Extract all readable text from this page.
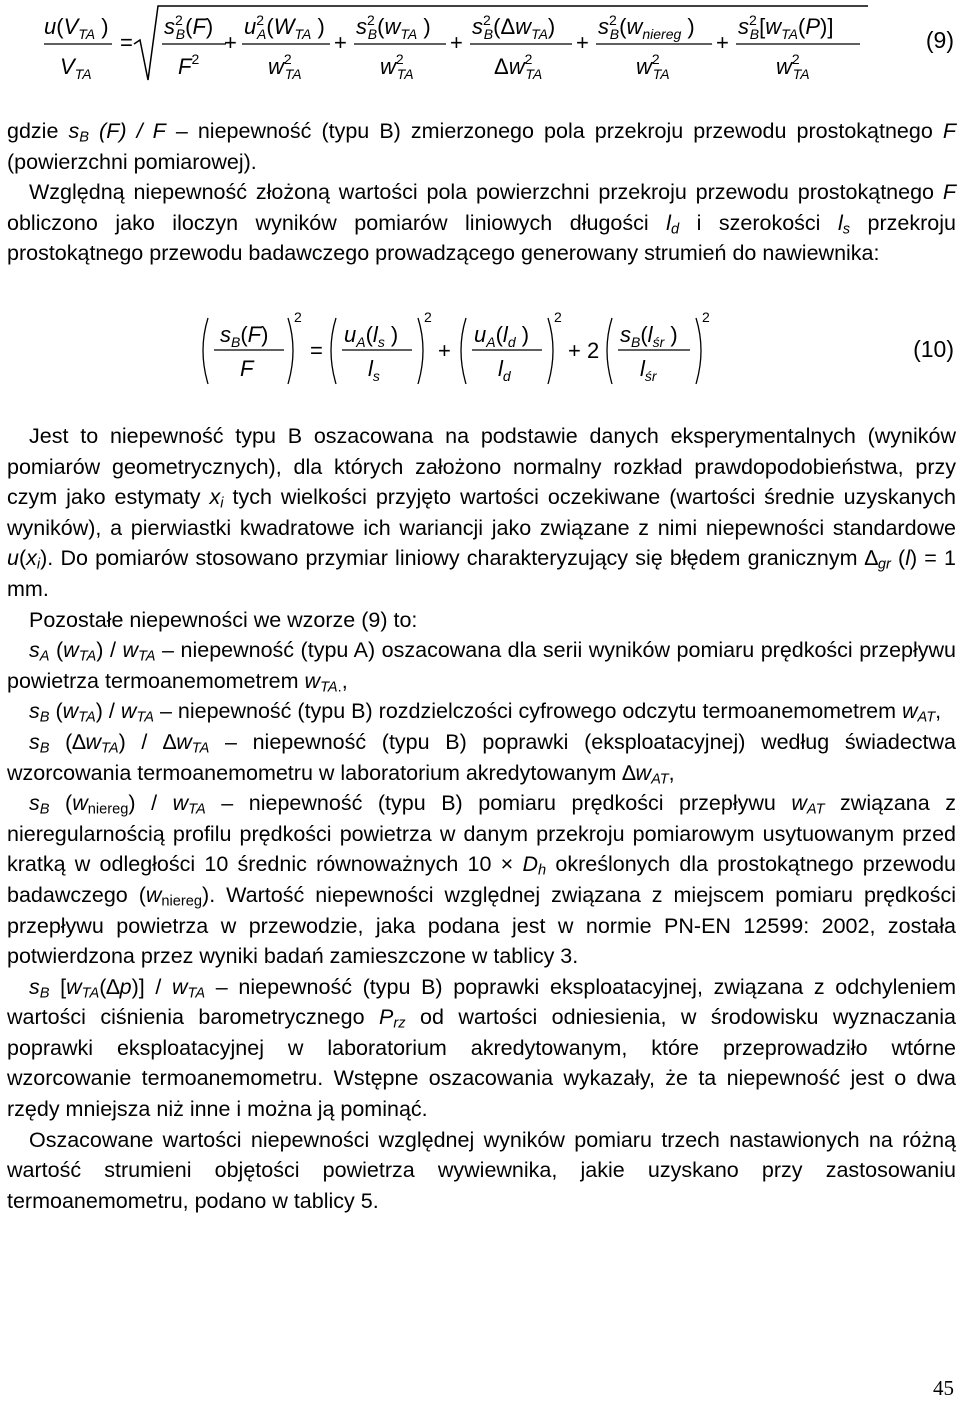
$u(V_{TA}$ )
$V_{TA}$
=
$s^2$ B(F)
$F^2$
+
$u^2$ $A(W_{TA}$ )
$w^2$ TA
+
$s^2$ $B(w_{TA}$ )
$w^2$ TA
+
$s^2$ $B(\Delta w_{TA})$
$\Delta w^2$ TA
+
$s^2$ $B(w_{niereg}$ )
$w^2$ TA
+
$s^2$ $B[w_{TA}(P)]$
$w^2$ TA
(9)

gdzie $s_B$ (F) / F – niepewność (typu B) zmierzonego pola przekroju przewodu prostokątnego F (powierzchni pomiarowej).

Względną niepewność złożoną wartości pola powierzchni przekroju przewodu prostokątnego F obliczono jako iloczyn wyników pomiarów liniowych długości $l_d$ i szerokości $l_s$ przekroju prostokątnego przewodu badawczego prowadzącego generowany strumień do nawiewnika:

$s_B(F)$
F
2
=
$u_A(l_s$ )
$l_s$
2
+
$u_A(l_d$ )
$l_d$
2
+ 2
$s_B(l_{śr}$ )
$l_{śr}$
2
(10)

Jest to niepewność typu B oszacowana na podstawie danych eksperymentalnych (wyników pomiarów geometrycznych), dla których założono normalny rozkład prawdopodobieństwa, przy czym jako estymaty $x_i$ tych wielkości przyjęto wartości oczekiwane (wartości średnie uzyskanych wyników), a pierwiastki kwadratowe ich wariancji jako związane z nimi niepewności standardowe $u(x_i)$. Do pomiarów stosowano przymiar liniowy charakteryzujący się błędem granicznym $\Delta_{gr}$ (l) = 1 mm.

Pozostałe niepewności we wzorze (9) to:

$s_A$ $(w_{TA}) / w_{TA}$ – niepewność (typu A) oszacowana dla serii wyników pomiaru prędkości przepływu powietrza termoanemometrem $w_{TA.}$,

$s_B$ $(w_{TA}) / w_{TA}$ – niepewność (typu B) rozdzielczości cyfrowego odczytu termoanemometrem $w_{AT}$,

$s_B$ $(\Delta w_{TA}) / \Delta w_{TA}$ – niepewność (typu B) poprawki (eksploatacyjnej) według świadectwa wzorcowania termoanemometru w laboratorium akredytowanym $\Delta w_{AT}$,

$s_B$ $(w_{niereg}) / w_{TA}$ – niepewność (typu B) pomiaru prędkości przepływu $w_{AT}$ związana z nieregularnością profilu prędkości powietrza w danym przekroju pomiarowym usytuowanym przed kratką w odległości 10 średnic równoważnych $10 \times D_h$ określonych dla prostokątnego przewodu badawczego $(w_{niereg})$. Wartość niepewności względnej związana z miejscem pomiaru prędkości przepływu powietrza w przewodzie, jaka podana jest w normie PN-EN 12599: 2002, została potwierdzona przez wyniki badań zamieszczone w tablicy 3.

$s_B$ $[w_{TA}(\Delta p)] / w_{TA}$ – niepewność (typu B) poprawki eksploatacyjnej, związana z odchyleniem wartości ciśnienia barometrycznego $P_{rz}$ od wartości odniesienia, w środowisku wyznaczania poprawki eksploatacyjnej w laboratorium akredytowanym, które przeprowadziło wtórne wzorcowanie termoanemometru. Wstępne oszacowania wykazały, że ta niepewność jest o dwa rzędy mniejsza niż inne i można ją pominąć.

Oszacowane wartości niepewności względnej wyników pomiaru trzech nastawionych na różną wartość strumieni objętości powietrza wywiewnika, jakie uzyskano przy zastosowaniu termoanemometru, podano w tablicy 5.

45
